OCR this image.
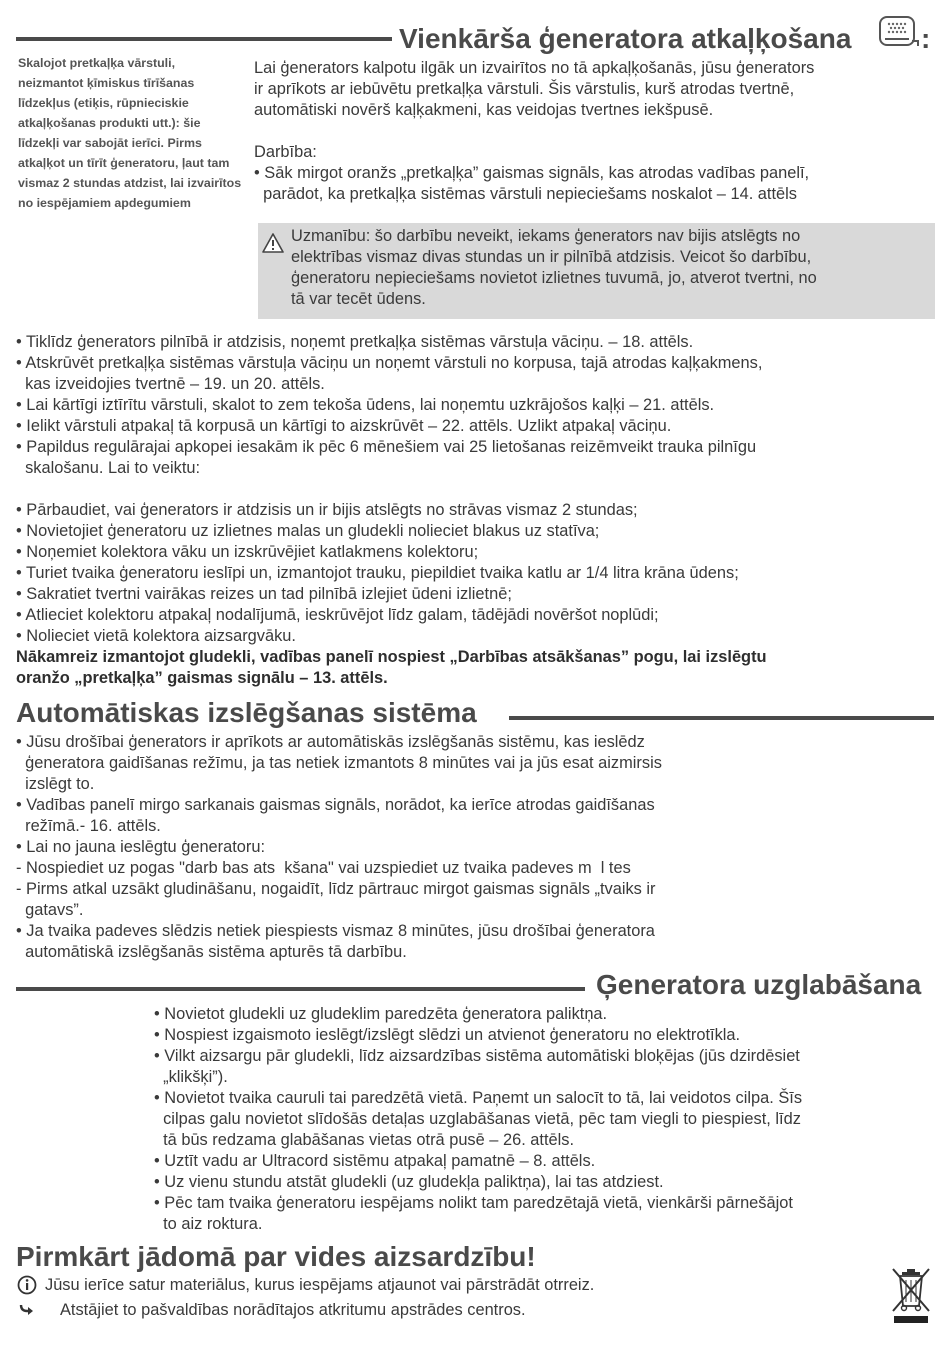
Vienkārša ģeneratora atkaļķošana :
Skalojot pretkaļķa vārstuli, neizmantot ķīmiskus tīrīšanas līdzekļus (etiķis, rūpnieciskie atkaļķošanas produkti utt.): šie līdzekļi var sabojāt ierīci. Pirms atkaļķot un tīrīt ģeneratoru, ļaut tam vismaz 2 stundas atdzist, lai izvairītos no iespējamiem apdegumiem
Lai ģenerators kalpotu ilgāk un izvairītos no tā apkaļķošanās, jūsu ģenerators
ir aprīkots ar iebūvētu pretkaļķa vārstuli. Šis vārstulis, kurš atrodas tvertnē,
automātiski novērš kaļķakmeni, kas veidojas tvertnes iekšpusē.
Darbība:
• Sāk mirgot oranžs „pretkaļķa” gaismas signāls, kas atrodas vadības panelī,
parādot, ka pretkaļķa sistēmas vārstuli nepieciešams noskalot – 14. attēls
Uzmanību: šo darbību neveikt, iekams ģenerators nav bijis atslēgts no
elektrības vismaz divas stundas un ir pilnībā atdzisis. Veicot šo darbību,
ģeneratoru nepieciešams novietot izlietnes tuvumā, jo, atverot tvertni, no
tā var tecēt ūdens.
• Tiklīdz ģenerators pilnībā ir atdzisis, noņemt pretkaļķa sistēmas vārstuļa vāciņu. – 18. attēls.
• Atskrūvēt pretkaļķa sistēmas vārstuļa vāciņu un noņemt vārstuli no korpusa, tajā atrodas kaļķakmens,
kas izveidojies tvertnē – 19. un 20. attēls.
• Lai kārtīgi iztīrītu vārstuli, skalot to zem tekoša ūdens, lai noņemtu uzkrājošos kaļķi – 21. attēls.
• Ielikt vārstuli atpakaļ tā korpusā un kārtīgi to aizskrūvēt – 22. attēls. Uzlikt atpakaļ vāciņu.
• Papildus regulārajai apkopei iesakām ik pēc 6 mēnešiem vai 25 lietošanas reizēmveikt trauka pilnīgu
skalošanu. Lai to veiktu:
• Pārbaudiet, vai ģenerators ir atdzisis un ir bijis atslēgts no strāvas vismaz 2 stundas;
• Novietojiet ģeneratoru uz izlietnes malas un gludekli nolieciet blakus uz statīva;
• Noņemiet kolektora vāku un izskrūvējiet katlakmens kolektoru;
• Turiet tvaika ģeneratoru ieslīpi un, izmantojot trauku, piepildiet tvaika katlu ar 1/4 litra krāna ūdens;
• Sakratiet tvertni vairākas reizes un tad pilnībā izlejiet ūdeni izlietnē;
• Atlieciet kolektoru atpakaļ nodalījumā, ieskrūvējot līdz galam, tādējādi novēršot noplūdi;
• Nolieciet vietā kolektora aizsargvāku.
Nākamreiz izmantojot gludekli, vadības panelī nospiest „Darbības atsākšanas” pogu, lai izslēgtu
oranžo „pretkaļķa” gaismas signālu – 13. attēls.
Automātiskas izslēgšanas sistēma
• Jūsu drošībai ģenerators ir aprīkots ar automātiskās izslēgšanās sistēmu, kas ieslēdz
ģeneratora gaidīšanas režīmu, ja tas netiek izmantots 8 minūtes vai ja jūs esat aizmirsis
izslēgt to.
• Vadības panelī mirgo sarkanais gaismas signāls, norādot, ka ierīce atrodas gaidīšanas
režīmā.- 16. attēls.
• Lai no jauna ieslēgtu ģeneratoru:
- Nospiediet uz pogas "darb bas ats  kšana" vai uzspiediet uz tvaika padeves m  l tes
- Pirms atkal uzsākt gludināšanu, nogaidīt, līdz pārtrauc mirgot gaismas signāls „tvaiks ir
gatavs”.
• Ja tvaika padeves slēdzis netiek piespiests vismaz 8 minūtes, jūsu drošībai ģeneratora
automātiskā izslēgšanās sistēma apturēs tā darbību.
Ģeneratora uzglabāšana
• Novietot gludekli uz gludeklim paredzēta ģeneratora paliktņa.
• Nospiest izgaismoto ieslēgt/izslēgt slēdzi un atvienot ģeneratoru no elektrotīkla.
• Vilkt aizsargu pār gludekli, līdz aizsardzības sistēma automātiski bloķējas (jūs dzirdēsiet
„klikšķi”).
• Novietot tvaika cauruli tai paredzētā vietā. Paņemt un salocīt to tā, lai veidotos cilpa. Šīs
cilpas galu novietot slīdošās detaļas uzglabāšanas vietā, pēc tam viegli to piespiest, līdz
tā būs redzama glabāšanas vietas otrā pusē – 26. attēls.
• Uztīt vadu ar Ultracord sistēmu atpakaļ pamatnē – 8. attēls.
• Uz vienu stundu atstāt gludekli (uz gludekļa paliktņa), lai tas atdziest.
• Pēc tam tvaika ģeneratoru iespējams nolikt tam paredzētajā vietā, vienkārši pārnešājot
to aiz roktura.
Pirmkārt jādomā par vides aizsardzību!
Jūsu ierīce satur materiālus, kurus iespējams atjaunot vai pārstrādāt otrreiz.
Atstājiet to pašvaldības norādītajos atkritumu apstrādes centros.
